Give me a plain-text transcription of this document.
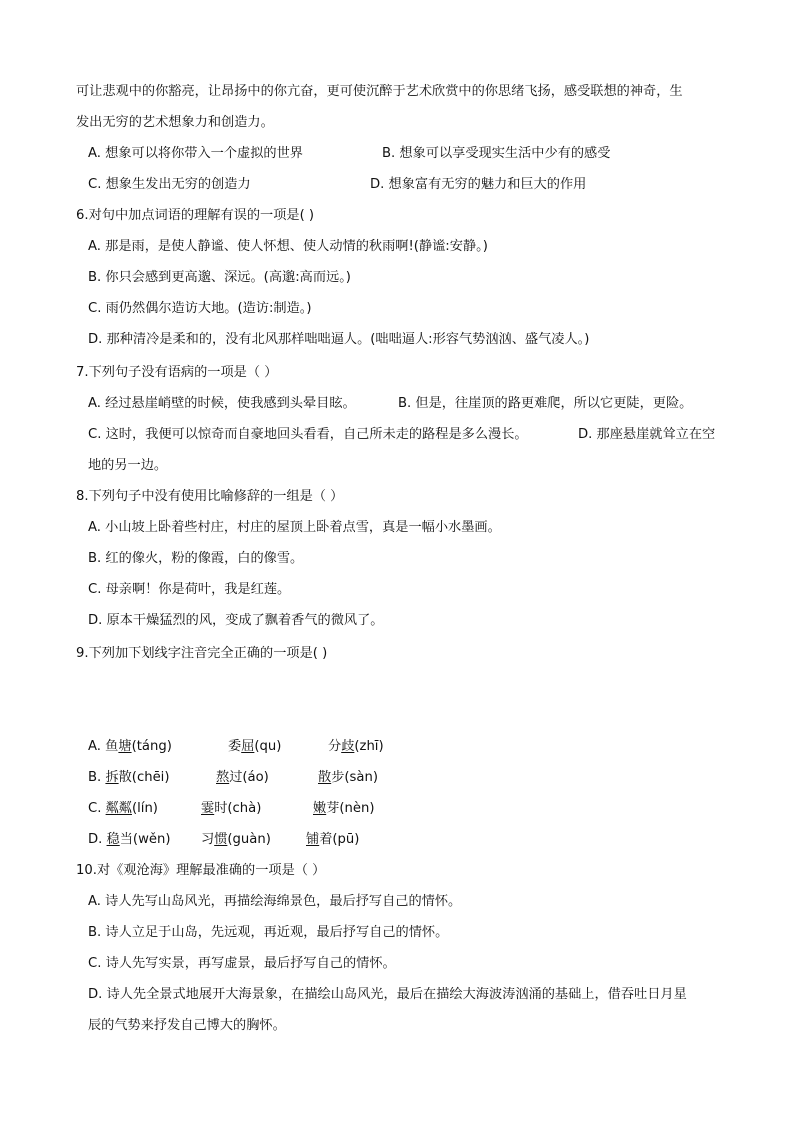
可让悲观中的你豁亮，让昂扬中的你亢奋，更可使沉醉于艺术欣赏中的你思绪飞扬，感受联想的神奇，生
发出无穷的艺术想象力和创造力。
A. 想象可以将你带入一个虚拟的世界	B. 想象可以享受现实生活中少有的感受
C. 想象生发出无穷的创造力	D. 想象富有无穷的魅力和巨大的作用
6.对句中加点词语的理解有误的一项是( )
A. 那是雨，是使人静谧、使人怀想、使人动情的秋雨啊!(静谧:安静。)
B. 你只会感到更高邈、深远。(高邈:高而远。)
C. 雨仍然偶尔造访大地。(造访:制造。)
D. 那种清冷是柔和的，没有北风那样咄咄逼人。(咄咄逼人:形容气势汹汹、盛气凌人。)
7.下列句子没有语病的一项是（ ）
A. 经过悬崖峭壁的时候，使我感到头晕目眩。	B. 但是，往崖顶的路更难爬，所以它更陡，更险。
C. 这时，我便可以惊奇而自豪地回头看看，自己所未走的路程是多么漫长。	D. 那座悬崖就耸立在空
地的另一边。
8.下列句子中没有使用比喻修辞的一组是（ ）
A. 小山坡上卧着些村庄，村庄的屋顶上卧着点雪，真是一幅小水墨画。
B. 红的像火，粉的像霞，白的像雪。
C. 母亲啊！你是荷叶，我是红莲。
D. 原本干燥猛烈的风，变成了飘着香气的微风了。
9.下列加下划线字注音完全正确的一项是( )
A. 鱼塘(táng)	委屈(qu)	分歧(zhī)
B. 拆散(chēi)	熬过(áo)	散步(sàn)
C. 粼粼(lín)	霎时(chà)	嫩芽(nèn)
D. 稳当(wěn) 习惯(guàn)	铺着(pū)
10.对《观沧海》理解最准确的一项是（ ）
A. 诗人先写山岛风光，再描绘海绵景色，最后抒写自己的情怀。
B. 诗人立足于山岛，先远观，再近观，最后抒写自己的情怀。
C. 诗人先写实景，再写虚景，最后抒写自己的情怀。
D. 诗人先全景式地展开大海景象，在描绘山岛风光，最后在描绘大海波涛汹涌的基础上，借吞吐日月星
辰的气势来抒发自己博大的胸怀。
